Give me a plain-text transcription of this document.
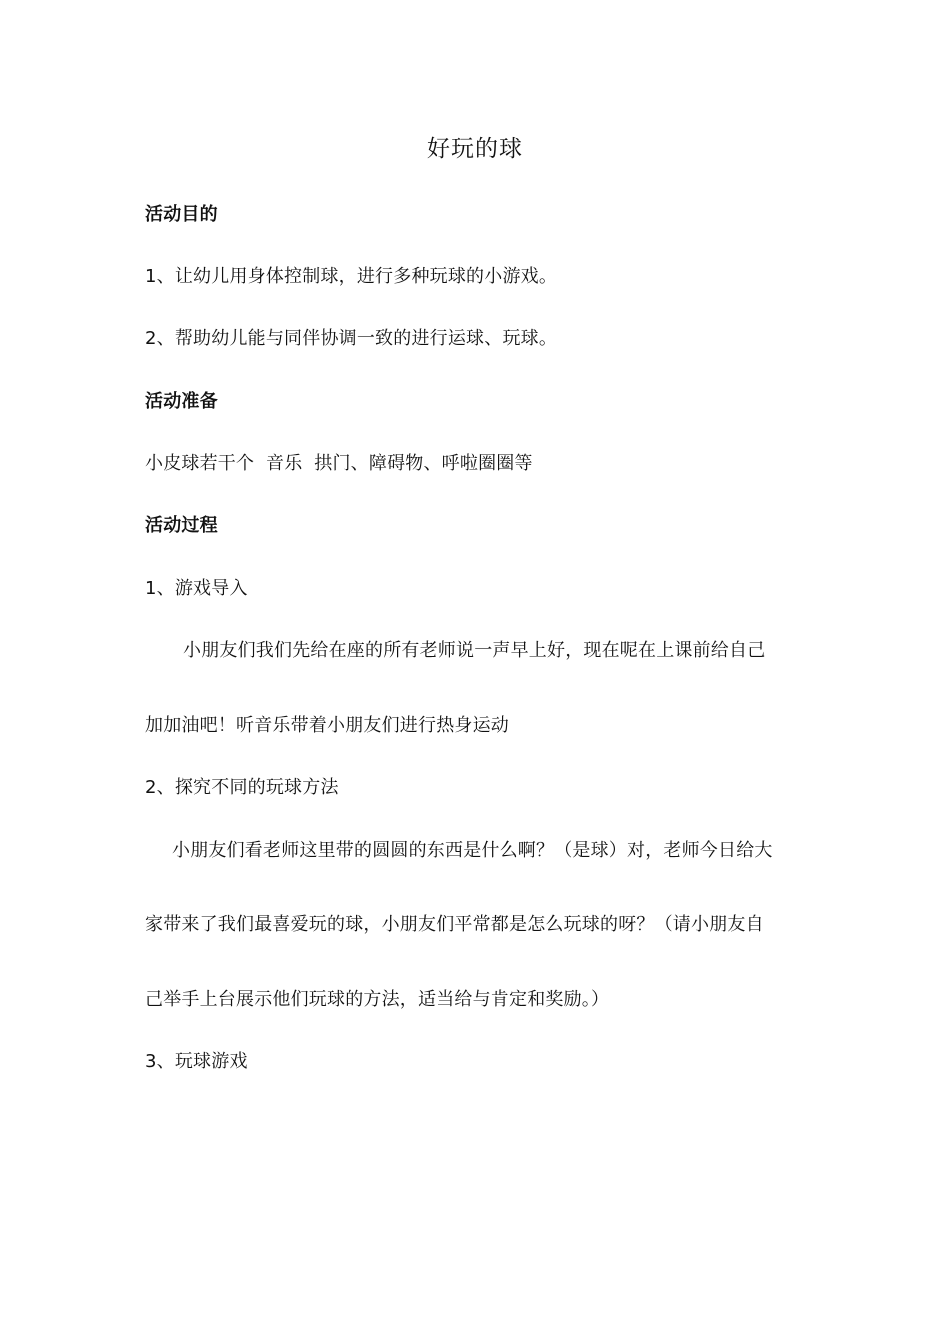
好玩的球
活动目的
1、让幼儿用身体控制球，进行多种玩球的小游戏。
2、帮助幼儿能与同伴协调一致的进行运球、玩球。
活动准备
小皮球若干个  音乐  拱门、障碍物、呼啦圈圈等
活动过程
1、游戏导入
小朋友们我们先给在座的所有老师说一声早上好，现在呢在上课前给自己
加加油吧！听音乐带着小朋友们进行热身运动
2、探究不同的玩球方法
小朋友们看老师这里带的圆圆的东西是什么啊？（是球）对，老师今日给大
家带来了我们最喜爱玩的球，小朋友们平常都是怎么玩球的呀？（请小朋友自
己举手上台展示他们玩球的方法，适当给与肯定和奖励。）
3、玩球游戏
